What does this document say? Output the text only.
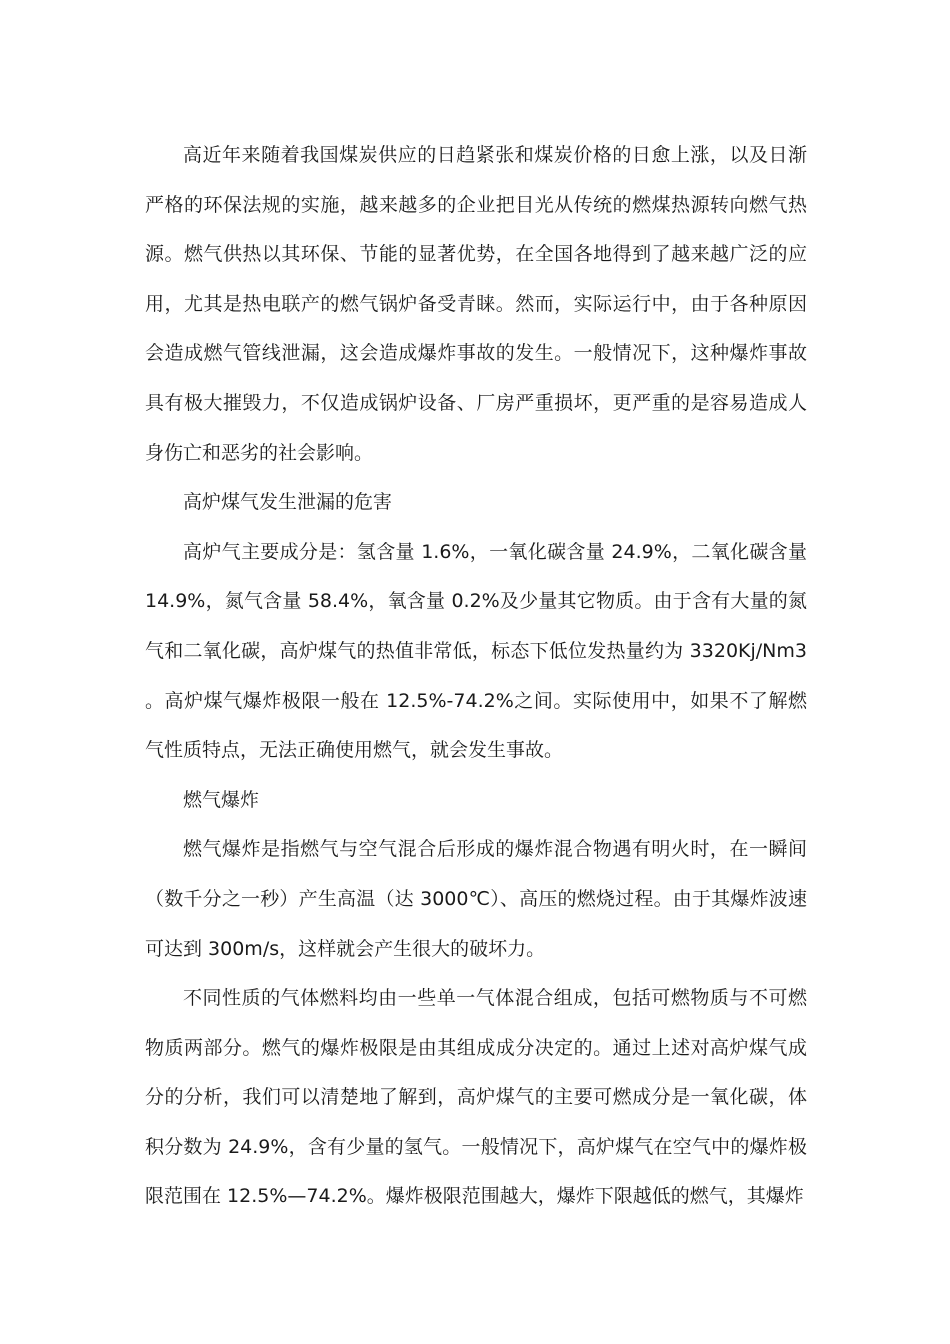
高近年来随着我国煤炭供应的日趋紧张和煤炭价格的日愈上涨，以及日渐严格的环保法规的实施，越来越多的企业把目光从传统的燃煤热源转向燃气热源。燃气供热以其环保、节能的显著优势，在全国各地得到了越来越广泛的应用，尤其是热电联产的燃气锅炉备受青睐。然而，实际运行中，由于各种原因会造成燃气管线泄漏，这会造成爆炸事故的发生。一般情况下，这种爆炸事故具有极大摧毁力，不仅造成锅炉设备、厂房严重损坏，更严重的是容易造成人身伤亡和恶劣的社会影响。

高炉煤气发生泄漏的危害

高炉气主要成分是：氢含量 1.6%，一氧化碳含量 24.9%，二氧化碳含量 14.9%，氮气含量 58.4%，氧含量 0.2%及少量其它物质。由于含有大量的氮气和二氧化碳，高炉煤气的热值非常低，标态下低位发热量约为 3320Kj/Nm3。高炉煤气爆炸极限一般在 12.5%-74.2%之间。实际使用中，如果不了解燃气性质特点，无法正确使用燃气，就会发生事故。

燃气爆炸

燃气爆炸是指燃气与空气混合后形成的爆炸混合物遇有明火时，在一瞬间（数千分之一秒）产生高温（达 3000℃）、高压的燃烧过程。由于其爆炸波速可达到 300m/s，这样就会产生很大的破坏力。

不同性质的气体燃料均由一些单一气体混合组成，包括可燃物质与不可燃物质两部分。燃气的爆炸极限是由其组成成分决定的。通过上述对高炉煤气成分的分析，我们可以清楚地了解到，高炉煤气的主要可燃成分是一氧化碳，体积分数为 24.9%，含有少量的氢气。一般情况下，高炉煤气在空气中的爆炸极限范围在 12.5%—74.2%。爆炸极限范围越大，爆炸下限越低的燃气，其爆炸
